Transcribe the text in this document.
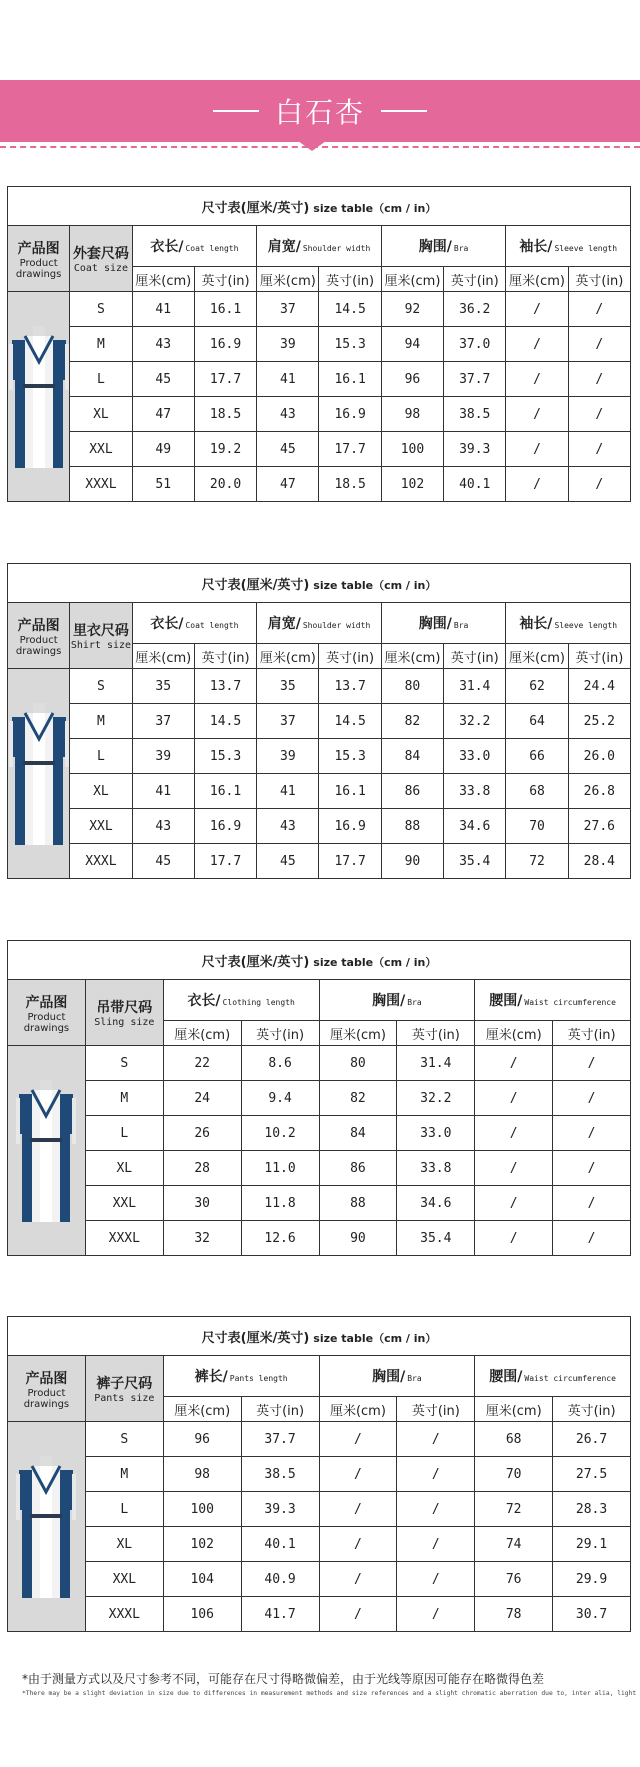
白石杏
尺寸表(厘米/英寸) size table（cm / in）									

产品图
Product
drawings	外套尺码
Coat size	衣长/ Coat length		肩宽/ Shoulder width		胸围/ Bra		袖长/ Sleeve length	
		厘米(cm)	英寸(in)	厘米(cm)	英寸(in)	厘米(cm)	英寸(in)	厘米(cm)	英寸(in)

	S	41	16.1	37	14.5	92	36.2	/	/
	M	43	16.9	39	15.3	94	37.0	/	/
	L	45	17.7	41	16.1	96	37.7	/	/
	XL	47	18.5	43	16.9	98	38.5	/	/
	XXL	49	19.2	45	17.7	100	39.3	/	/
	XXXL	51	20.0	47	18.5	102	40.1	/	/
尺寸表(厘米/英寸) size table（cm / in）									

产品图
Product
drawings	里衣尺码
Shirt size	衣长/ Coat length		肩宽/ Shoulder width		胸围/ Bra		袖长/ Sleeve length	
		厘米(cm)	英寸(in)	厘米(cm)	英寸(in)	厘米(cm)	英寸(in)	厘米(cm)	英寸(in)

	S	35	13.7	35	13.7	80	31.4	62	24.4
	M	37	14.5	37	14.5	82	32.2	64	25.2
	L	39	15.3	39	15.3	84	33.0	66	26.0
	XL	41	16.1	41	16.1	86	33.8	68	26.8
	XXL	43	16.9	43	16.9	88	34.6	70	27.6
	XXXL	45	17.7	45	17.7	90	35.4	72	28.4
尺寸表(厘米/英寸) size table（cm / in）							

产品图
Product
drawings	吊带尺码
Sling size	衣长/ Clothing length		胸围/ Bra		腰围/ Waist circumference	
		厘米(cm)	英寸(in)	厘米(cm)	英寸(in)	厘米(cm)	英寸(in)

	S	22	8.6	80	31.4	/	/
	M	24	9.4	82	32.2	/	/
	L	26	10.2	84	33.0	/	/
	XL	28	11.0	86	33.8	/	/
	XXL	30	11.8	88	34.6	/	/
	XXXL	32	12.6	90	35.4	/	/
尺寸表(厘米/英寸) size table（cm / in）							

产品图
Product
drawings	裤子尺码
Pants size	裤长/ Pants length		胸围/ Bra		腰围/ Waist circumference	
		厘米(cm)	英寸(in)	厘米(cm)	英寸(in)	厘米(cm)	英寸(in)

	S	96	37.7	/	/	68	26.7
	M	98	38.5	/	/	70	27.5
	L	100	39.3	/	/	72	28.3
	XL	102	40.1	/	/	74	29.1
	XXL	104	40.9	/	/	76	29.9
	XXXL	106	41.7	/	/	78	30.7
*由于测量方式以及尺寸参考不同，可能存在尺寸得略微偏差，由于光线等原因可能存在略微得色差
*There may be a slight deviation in size due to differences in measurement methods and size references and a slight chromatic aberration due to, inter alia, light
